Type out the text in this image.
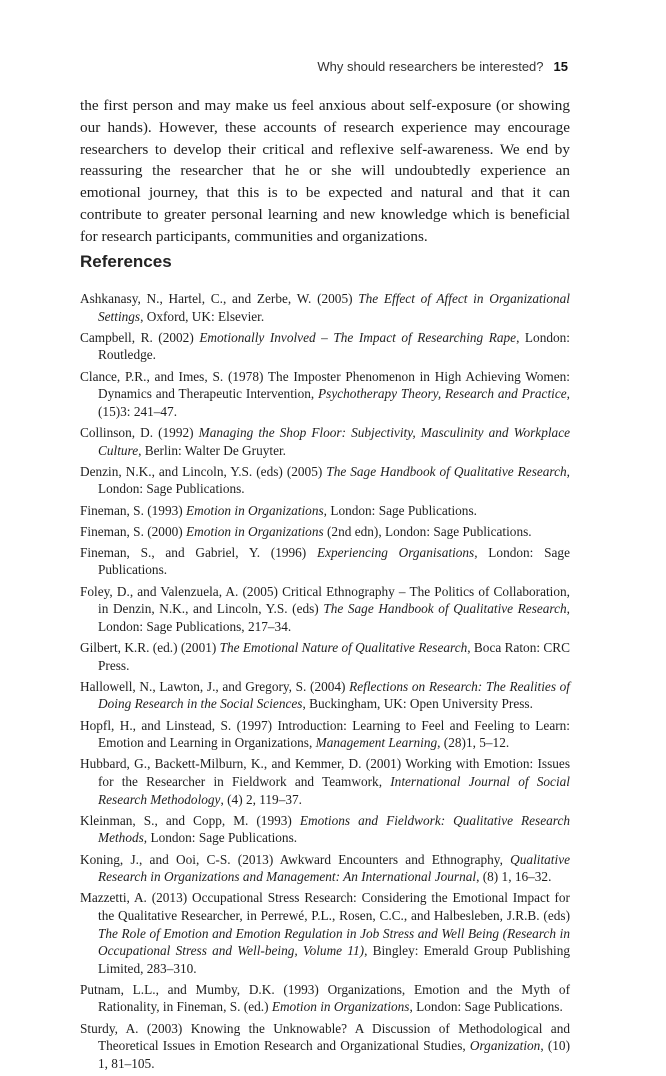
Why should researchers be interested? 15

the first person and may make us feel anxious about self-exposure (or showing our hands). However, these accounts of research experience may encourage researchers to develop their critical and reflexive self-awareness. We end by reassuring the researcher that he or she will undoubtedly experience an emotional journey, that this is to be expected and natural and that it can contribute to greater personal learning and new knowledge which is beneficial for research participants, communities and organizations.

References
Ashkanasy, N., Hartel, C., and Zerbe, W. (2005) The Effect of Affect in Organizational Settings, Oxford, UK: Elsevier.
Campbell, R. (2002) Emotionally Involved – The Impact of Researching Rape, London: Routledge.
Clance, P.R., and Imes, S. (1978) The Imposter Phenomenon in High Achieving Women: Dynamics and Therapeutic Intervention, Psychotherapy Theory, Research and Practice, (15)3: 241–47.
Collinson, D. (1992) Managing the Shop Floor: Subjectivity, Masculinity and Workplace Culture, Berlin: Walter De Gruyter.
Denzin, N.K., and Lincoln, Y.S. (eds) (2005) The Sage Handbook of Qualitative Research, London: Sage Publications.
Fineman, S. (1993) Emotion in Organizations, London: Sage Publications.
Fineman, S. (2000) Emotion in Organizations (2nd edn), London: Sage Publications.
Fineman, S., and Gabriel, Y. (1996) Experiencing Organisations, London: Sage Publications.
Foley, D., and Valenzuela, A. (2005) Critical Ethnography – The Politics of Collaboration, in Denzin, N.K., and Lincoln, Y.S. (eds) The Sage Handbook of Qualitative Research, London: Sage Publications, 217–34.
Gilbert, K.R. (ed.) (2001) The Emotional Nature of Qualitative Research, Boca Raton: CRC Press.
Hallowell, N., Lawton, J., and Gregory, S. (2004) Reflections on Research: The Realities of Doing Research in the Social Sciences, Buckingham, UK: Open University Press.
Hopfl, H., and Linstead, S. (1997) Introduction: Learning to Feel and Feeling to Learn: Emotion and Learning in Organizations, Management Learning, (28)1, 5–12.
Hubbard, G., Backett-Milburn, K., and Kemmer, D. (2001) Working with Emotion: Issues for the Researcher in Fieldwork and Teamwork, International Journal of Social Research Methodology, (4) 2, 119–37.
Kleinman, S., and Copp, M. (1993) Emotions and Fieldwork: Qualitative Research Methods, London: Sage Publications.
Koning, J., and Ooi, C-S. (2013) Awkward Encounters and Ethnography, Qualitative Research in Organizations and Management: An International Journal, (8) 1, 16–32.
Mazzetti, A. (2013) Occupational Stress Research: Considering the Emotional Impact for the Qualitative Researcher, in Perrewé, P.L., Rosen, C.C., and Halbesleben, J.R.B. (eds) The Role of Emotion and Emotion Regulation in Job Stress and Well Being (Research in Occupational Stress and Well-being, Volume 11), Bingley: Emerald Group Publishing Limited, 283–310.
Putnam, L.L., and Mumby, D.K. (1993) Organizations, Emotion and the Myth of Rationality, in Fineman, S. (ed.) Emotion in Organizations, London: Sage Publications.
Sturdy, A. (2003) Knowing the Unknowable? A Discussion of Methodological and Theoretical Issues in Emotion Research and Organizational Studies, Organization, (10) 1, 81–105.
